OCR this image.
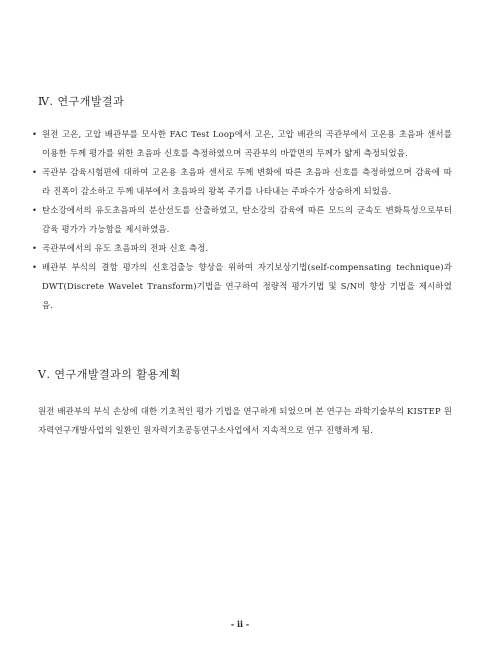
Ⅳ. 연구개발결과
• 원전 고온, 고압 배관부를 모사한 FAC Test Loop에서 고온, 고압 배관의 곡관부에서 고온용 초음파 센서를 이용한 두께 평가를 위한 초음파 신호를 측정하였으며 곡관부의 바깥면의 두께가 얇게 측정되었음.
• 곡관부 감육시험편에 대하여 고온용 초음파 센서로 두께 변화에 따른 초음파 신호를 측정하였으며 감육에 따라 진폭이 감소하고 두께 내부에서 초음파의 왕복 주기를 나타내는 주파수가 상승하게 되었음.
• 탄소강에서의 유도초음파의 분산선도를 산출하였고, 탄소강의 감육에 따른 모드의 군속도 변화특성으로부터 감육 평가가 가능함을 제시하였음.
• 곡관부에서의 유도 초음파의 전파 신호 측정.
• 배관부 부식의 결함 평가의 신호검출능 향상을 위하여 자기보상기법(self-compensating technique)과 DWT(Discrete Wavelet Transform)기법을 연구하여 정량적 평가기법 및 S/N비 향상 기법을 제시하였음.
Ⅴ. 연구개발결과의 활용계획

원전 배관부의 부식 손상에 대한 기초적인 평가 기법을 연구하게 되었으며 본 연구는 과학기술부의 KISTEP 원자력연구개발사업의 일환인 원자력기초공동연구소사업에서 지속적으로 연구 진행하게 됨.

- ii -
